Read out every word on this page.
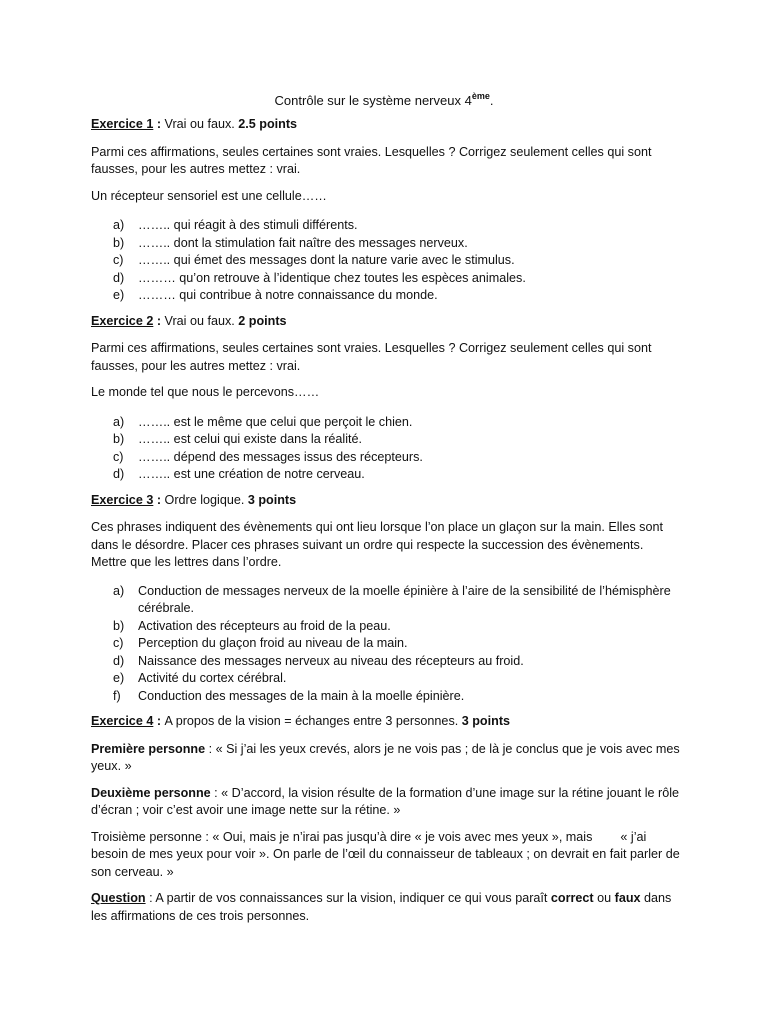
Contrôle sur le système nerveux 4ème.

Exercice 1 : Vrai ou faux. 2.5 points

Parmi ces affirmations, seules certaines sont vraies. Lesquelles ? Corrigez seulement celles qui sont fausses, pour les autres mettez : vrai.

Un récepteur sensoriel est une cellule……

a) …….. qui réagit à des stimuli différents.
b) …….. dont la stimulation fait naître des messages nerveux.
c) …….. qui émet des messages dont la nature varie avec le stimulus.
d) ……… qu’on retrouve à l’identique chez toutes les espèces animales.
e) ……… qui contribue à notre connaissance du monde.

Exercice 2 : Vrai ou faux. 2 points

Parmi ces affirmations, seules certaines sont vraies. Lesquelles ? Corrigez seulement celles qui sont fausses, pour les autres mettez : vrai.

Le monde tel que nous le percevons……

a) …….. est le même que celui que perçoit le chien.
b) …….. est celui qui existe dans la réalité.
c) …….. dépend des messages issus des récepteurs.
d) …….. est une création de notre cerveau.

Exercice 3 : Ordre logique. 3 points

Ces phrases indiquent des évènements qui ont lieu lorsque l’on place un glaçon sur la main. Elles sont dans le désordre. Placer ces phrases suivant un ordre qui respecte la succession des évènements. Mettre que les lettres dans l’ordre.

a) Conduction de messages nerveux de la moelle épinière à l’aire de la sensibilité de l’hémisphère cérébrale.
b) Activation des récepteurs au froid de la peau.
c) Perception du glaçon froid au niveau de la main.
d) Naissance des messages nerveux au niveau des récepteurs au froid.
e) Activité du cortex cérébral.
f) Conduction des messages de la main à la moelle épinière.

Exercice 4 : A propos de la vision = échanges entre 3 personnes. 3 points

Première personne : « Si j’ai les yeux crevés, alors je ne vois pas ; de là je conclus que je vois avec mes yeux. »

Deuxième personne : « D’accord, la vision résulte de la formation d’une image sur la rétine jouant le rôle d’écran ; voir c’est avoir une image nette sur la rétine. »

Troisième personne : « Oui, mais je n’irai pas jusqu’à dire « je vois avec mes yeux », mais        « j’ai besoin de mes yeux pour voir ». On parle de l’œil du connaisseur de tableaux ; on devrait en fait parler de son cerveau. »

Question : A partir de vos connaissances sur la vision, indiquer ce qui vous paraît correct ou faux dans les affirmations de ces trois personnes.
